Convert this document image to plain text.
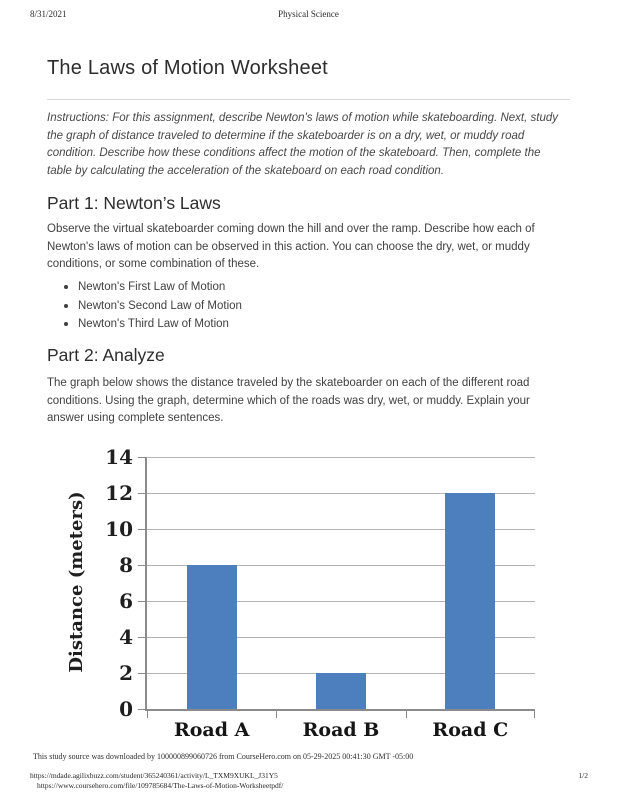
8/31/2021	Physical Science
The Laws of Motion Worksheet
Instructions: For this assignment, describe Newton's laws of motion while skateboarding. Next, study the graph of distance traveled to determine if the skateboarder is on a dry, wet, or muddy road condition. Describe how these conditions affect the motion of the skateboard. Then, complete the table by calculating the acceleration of the skateboard on each road condition.
Part 1: Newton’s Laws
Observe the virtual skateboarder coming down the hill and over the ramp. Describe how each of Newton's laws of motion can be observed in this action. You can choose the dry, wet, or muddy conditions, or some combination of these.
Newton's First Law of Motion
Newton's Second Law of Motion
Newton's Third Law of Motion
Part 2: Analyze
The graph below shows the distance traveled by the skateboarder on each of the different road conditions. Using the graph, determine which of the roads was dry, wet, or muddy. Explain your answer using complete sentences.
Distance (meters)
0
2
4
6
8
10
12
14
Road A	Road B	Road C
This study source was downloaded by 100000899060726 from CourseHero.com on 05-29-2025 00:41:30 GMT -05:00
https://mdade.agilixbuzz.com/student/365240361/activity/L_TXM9XUKL_J31Y5
https://www.coursehero.com/file/109785684/The-Laws-of-Motion-Worksheetpdf/
1/2
